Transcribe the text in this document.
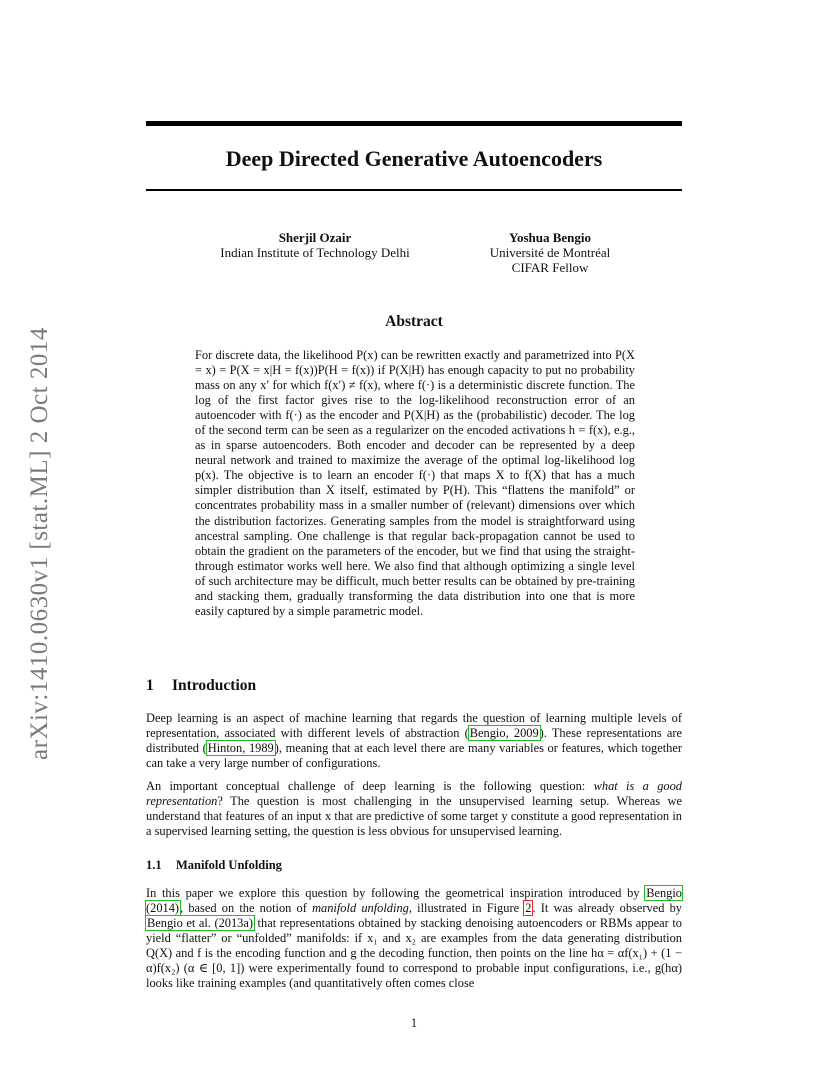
Deep Directed Generative Autoencoders
Sherjil Ozair
Indian Institute of Technology Delhi
Yoshua Bengio
Université de Montréal
CIFAR Fellow
arXiv:1410.0630v1 [stat.ML] 2 Oct 2014
Abstract

For discrete data, the likelihood P(x) can be rewritten exactly and parametrized into P(X = x) = P(X = x|H = f(x))P(H = f(x)) if P(X|H) has enough capacity to put no probability mass on any x′ for which f(x′) ≠ f(x), where f(·) is a deterministic discrete function. The log of the first factor gives rise to the log-likelihood reconstruction error of an autoencoder with f(·) as the encoder and P(X|H) as the (probabilistic) decoder. The log of the second term can be seen as a regularizer on the encoded activations h = f(x), e.g., as in sparse autoencoders. Both encoder and decoder can be represented by a deep neural network and trained to maximize the average of the optimal log-likelihood log p(x). The objective is to learn an encoder f(·) that maps X to f(X) that has a much simpler distribution than X itself, estimated by P(H). This “flattens the manifold” or concentrates probability mass in a smaller number of (relevant) dimensions over which the distribution factorizes. Generating samples from the model is straightforward using ancestral sampling. One challenge is that regular back-propagation cannot be used to obtain the gradient on the parameters of the encoder, but we find that using the straight-through estimator works well here. We also find that although optimizing a single level of such architecture may be difficult, much better results can be obtained by pre-training and stacking them, gradually transforming the data distribution into one that is more easily captured by a simple parametric model.

1 Introduction

Deep learning is an aspect of machine learning that regards the question of learning multiple levels of representation, associated with different levels of abstraction (Bengio, 2009). These representations are distributed (Hinton, 1989), meaning that at each level there are many variables or features, which together can take a very large number of configurations.

An important conceptual challenge of deep learning is the following question: what is a good representation? The question is most challenging in the unsupervised learning setup. Whereas we understand that features of an input x that are predictive of some target y constitute a good representation in a supervised learning setting, the question is less obvious for unsupervised learning.

1.1 Manifold Unfolding

In this paper we explore this question by following the geometrical inspiration introduced by Bengio (2014), based on the notion of manifold unfolding, illustrated in Figure 2. It was already observed by Bengio et al. (2013a) that representations obtained by stacking denoising autoencoders or RBMs appear to yield “flatter” or “unfolded” manifolds: if x₁ and x₂ are examples from the data generating distribution Q(X) and f is the encoding function and g the decoding function, then points on the line hα = αf(x₁) + (1 − α)f(x₂) (α ∈ [0, 1]) were experimentally found to correspond to probable input configurations, i.e., g(hα) looks like training examples (and quantitatively often comes close

1
